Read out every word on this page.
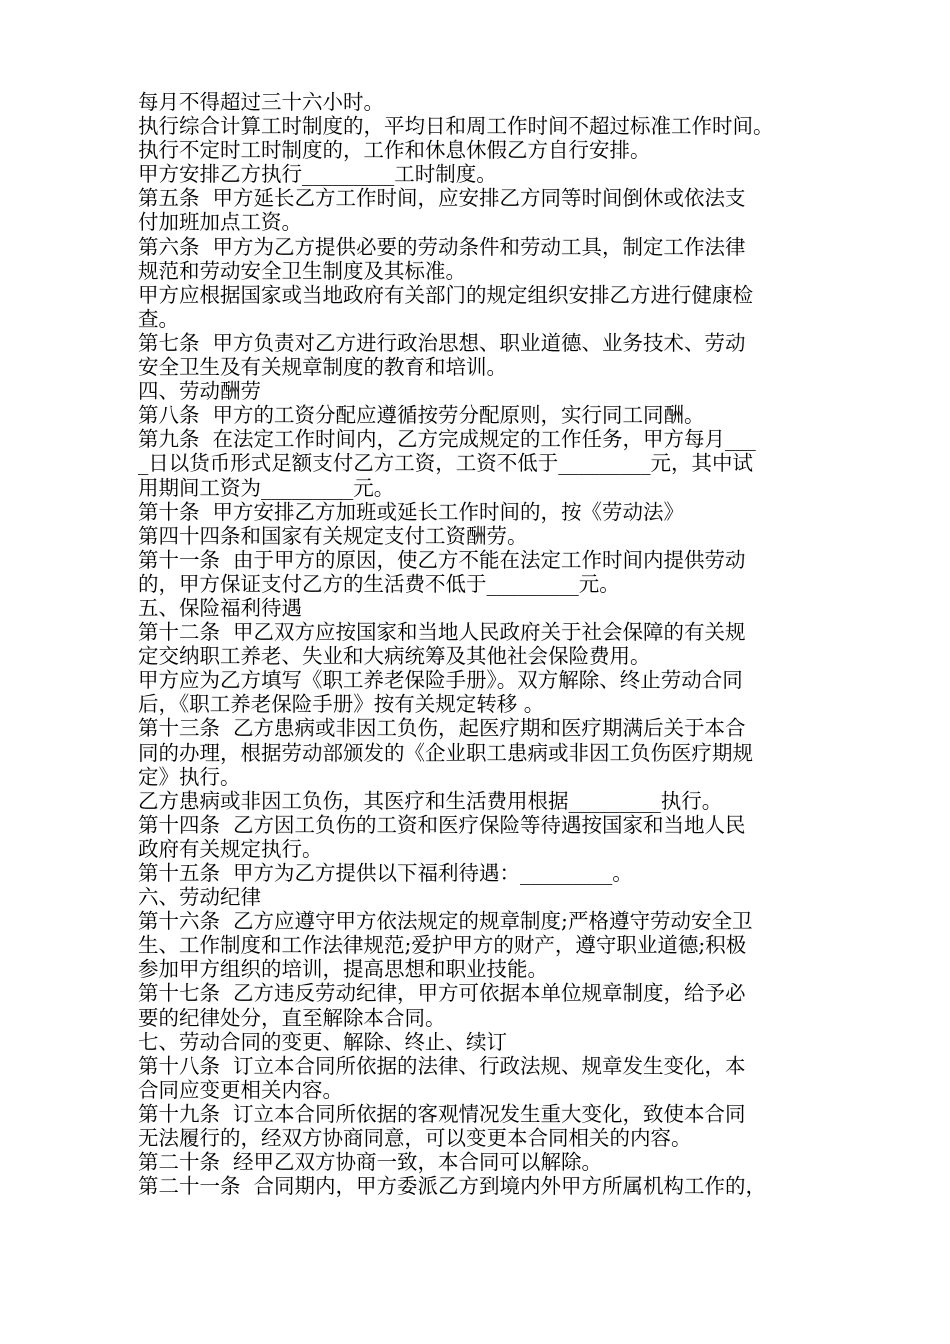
每月不得超过三十六小时。
执行综合计算工时制度的，平均日和周工作时间不超过标准工作时间。
执行不定时工时制度的，工作和休息休假乙方自行安排。
甲方安排乙方执行_________工时制度。
第五条  甲方延长乙方工作时间，应安排乙方同等时间倒休或依法支
付加班加点工资。
第六条  甲方为乙方提供必要的劳动条件和劳动工具，制定工作法律
规范和劳动安全卫生制度及其标准。
甲方应根据国家或当地政府有关部门的规定组织安排乙方进行健康检
查。
第七条  甲方负责对乙方进行政治思想、职业道德、业务技术、劳动
安全卫生及有关规章制度的教育和培训。
四、劳动酬劳
第八条  甲方的工资分配应遵循按劳分配原则，实行同工同酬。
第九条  在法定工作时间内，乙方完成规定的工作任务，甲方每月___
_日以货币形式足额支付乙方工资，工资不低于_________元，其中试
用期间工资为_________元。
第十条  甲方安排乙方加班或延长工作时间的，按《劳动法》
第四十四条和国家有关规定支付工资酬劳。
第十一条  由于甲方的原因，使乙方不能在法定工作时间内提供劳动
的，甲方保证支付乙方的生活费不低于_________元。
五、保险福利待遇
第十二条  甲乙双方应按国家和当地人民政府关于社会保障的有关规
定交纳职工养老、失业和大病统筹及其他社会保险费用。
甲方应为乙方填写《职工养老保险手册》。双方解除、终止劳动合同
后，《职工养老保险手册》按有关规定转移 。
第十三条  乙方患病或非因工负伤，起医疗期和医疗期满后关于本合
同的办理，根据劳动部颁发的《企业职工患病或非因工负伤医疗期规
定》执行。
乙方患病或非因工负伤，其医疗和生活费用根据_________执行。
第十四条  乙方因工负伤的工资和医疗保险等待遇按国家和当地人民
政府有关规定执行。
第十五条  甲方为乙方提供以下福利待遇：_________。
六、劳动纪律
第十六条  乙方应遵守甲方依法规定的规章制度;严格遵守劳动安全卫
生、工作制度和工作法律规范;爱护甲方的财产，遵守职业道德;积极
参加甲方组织的培训，提高思想和职业技能。
第十七条  乙方违反劳动纪律，甲方可依据本单位规章制度，给予必
要的纪律处分，直至解除本合同。
七、劳动合同的变更、解除、终止、续订
第十八条  订立本合同所依据的法律、行政法规、规章发生变化，本
合同应变更相关内容。
第十九条  订立本合同所依据的客观情况发生重大变化，致使本合同
无法履行的，经双方协商同意，可以变更本合同相关的内容。
第二十条  经甲乙双方协商一致，本合同可以解除。
第二十一条  合同期内，甲方委派乙方到境内外甲方所属机构工作的，
